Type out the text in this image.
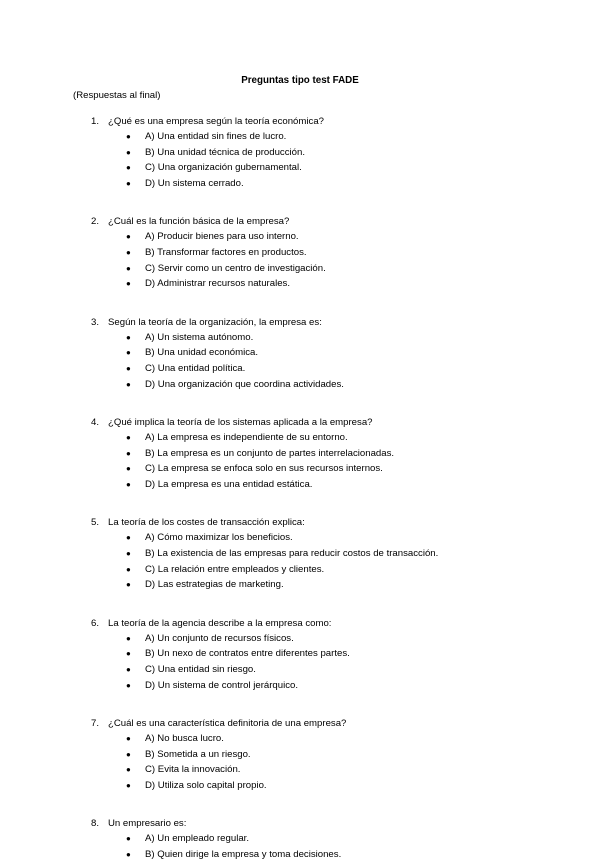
Preguntas tipo test FADE
(Respuestas al final)
1. ¿Qué es una empresa según la teoría económica?
● A) Una entidad sin fines de lucro.
● B) Una unidad técnica de producción.
● C) Una organización gubernamental.
● D) Un sistema cerrado.
2. ¿Cuál es la función básica de la empresa?
● A) Producir bienes para uso interno.
● B) Transformar factores en productos.
● C) Servir como un centro de investigación.
● D) Administrar recursos naturales.
3. Según la teoría de la organización, la empresa es:
● A) Un sistema autónomo.
● B) Una unidad económica.
● C) Una entidad política.
● D) Una organización que coordina actividades.
4. ¿Qué implica la teoría de los sistemas aplicada a la empresa?
● A) La empresa es independiente de su entorno.
● B) La empresa es un conjunto de partes interrelacionadas.
● C) La empresa se enfoca solo en sus recursos internos.
● D) La empresa es una entidad estática.
5. La teoría de los costes de transacción explica:
● A) Cómo maximizar los beneficios.
● B) La existencia de las empresas para reducir costos de transacción.
● C) La relación entre empleados y clientes.
● D) Las estrategias de marketing.
6. La teoría de la agencia describe a la empresa como:
● A) Un conjunto de recursos físicos.
● B) Un nexo de contratos entre diferentes partes.
● C) Una entidad sin riesgo.
● D) Un sistema de control jerárquico.
7. ¿Cuál es una característica definitoria de una empresa?
● A) No busca lucro.
● B) Sometida a un riesgo.
● C) Evita la innovación.
● D) Utiliza solo capital propio.
8. Un empresario es:
● A) Un empleado regular.
● B) Quien dirige la empresa y toma decisiones.
